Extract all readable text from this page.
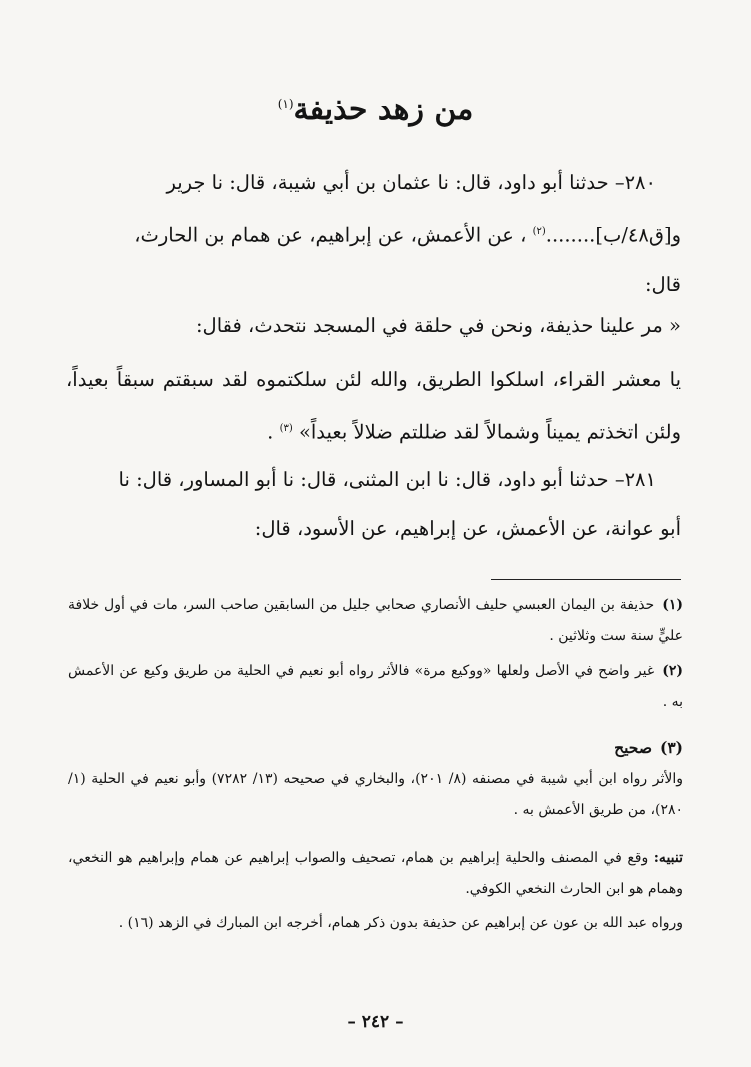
من زهد حذيفة$^{(١)}$
٢٨٠– حدثنا أبو داود، قال: نا عثمان بن أبي شيبة، قال: نا جرير
و[ق٤٨/ب]........$^{(٢)}$ ، عن الأعمش، عن إبراهيم، عن همام بن الحارث،
قال:
« مر علينا حذيفة، ونحن في حلقة في المسجد نتحدث، فقال:
يا معشر القراء، اسلكوا الطريق، والله لئن سلكتموه لقد سبقتم سبقاً بعيداً، ولئن اتخذتم يميناً وشمالاً لقد ضللتم ضلالاً بعيداً» $^{(٣)}$ .
٢٨١– حدثنا أبو داود، قال: نا ابن المثنى، قال: نا أبو المساور، قال: نا
أبو عوانة، عن الأعمش، عن إبراهيم، عن الأسود، قال:
(١)حذيفة بن اليمان العبسي حليف الأنصاري صحابي جليل من السابقين صاحب السر، مات في أول خلافة عليٍّ سنة ست وثلاثين .
(٢)غير واضح في الأصل ولعلها «ووكيع مرة» فالأثر رواه أبو نعيم في الحلية من طريق وكيع عن الأعمش به .
(٣)صحيح
والأثر رواه ابن أبي شيبة في مصنفه (٨/ ٢٠١)، والبخاري في صحيحه (١٣/ ٧٢٨٢) وأبو نعيم في الحلية (١/ ٢٨٠)، من طريق الأعمش به .
تنبيه: وقع في المصنف والحلية إبراهيم بن همام، تصحيف والصواب إبراهيم عن همام وإبراهيم هو النخعي، وهمام هو ابن الحارث النخعي الكوفي.
ورواه عبد الله بن عون عن إبراهيم عن حذيفة بدون ذكر همام، أخرجه ابن المبارك في الزهد (١٦) .
– ٢٤٢ –
